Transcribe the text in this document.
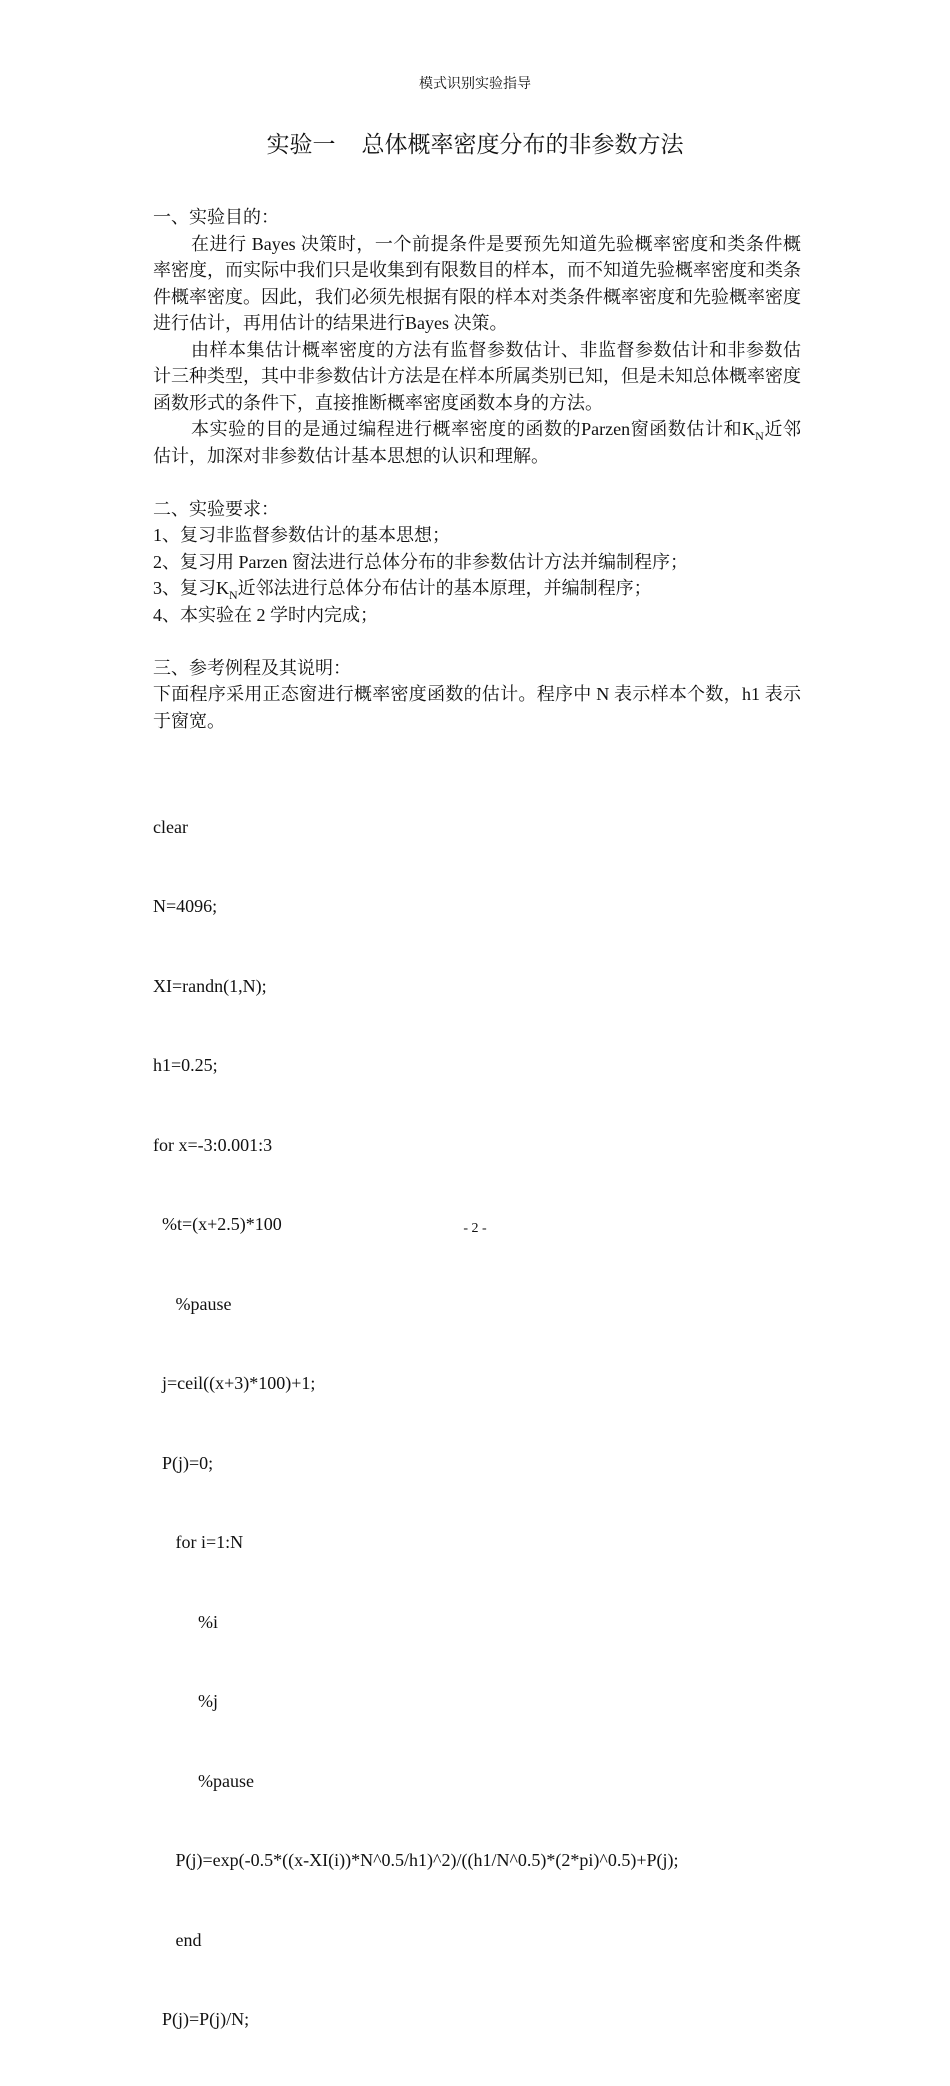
模式识别实验指导
实验一 总体概率密度分布的非参数方法

一、实验目的：

在进行 Bayes 决策时，一个前提条件是要预先知道先验概率密度和类条件概率密度，而实际中我们只是收集到有限数目的样本，而不知道先验概率密度和类条件概率密度。因此，我们必须先根据有限的样本对类条件概率密度和先验概率密度进行估计，再用估计的结果进行Bayes 决策。

由样本集估计概率密度的方法有监督参数估计、非监督参数估计和非参数估计三种类型，其中非参数估计方法是在样本所属类别已知，但是未知总体概率密度函数形式的条件下，直接推断概率密度函数本身的方法。

本实验的目的是通过编程进行概率密度的函数的Parzen窗函数估计和$K_N$近邻估计，加深对非参数估计基本思想的认识和理解。

二、实验要求：

1、复习非监督参数估计的基本思想；

2、复习用 Parzen 窗法进行总体分布的非参数估计方法并编制程序；

3、复习$K_N$近邻法进行总体分布估计的基本原理，并编制程序；

4、本实验在 2 学时内完成；

三、参考例程及其说明：

下面程序采用正态窗进行概率密度函数的估计。程序中 N 表示样本个数，h1 表示于窗宽。

clear

N=4096;

XI=randn(1,N);

h1=0.25;

for x=-3:0.001:3

%t=(x+2.5)*100

%pause

j=ceil((x+3)*100)+1;

P(j)=0;

for i=1:N

%i

%j

%pause

P(j)=exp(-0.5*((x-XI(i))*N^0.5/h1)^2)/((h1/N^0.5)*(2*pi)^0.5)+P(j);

end

P(j)=P(j)/N;

- 2 -
